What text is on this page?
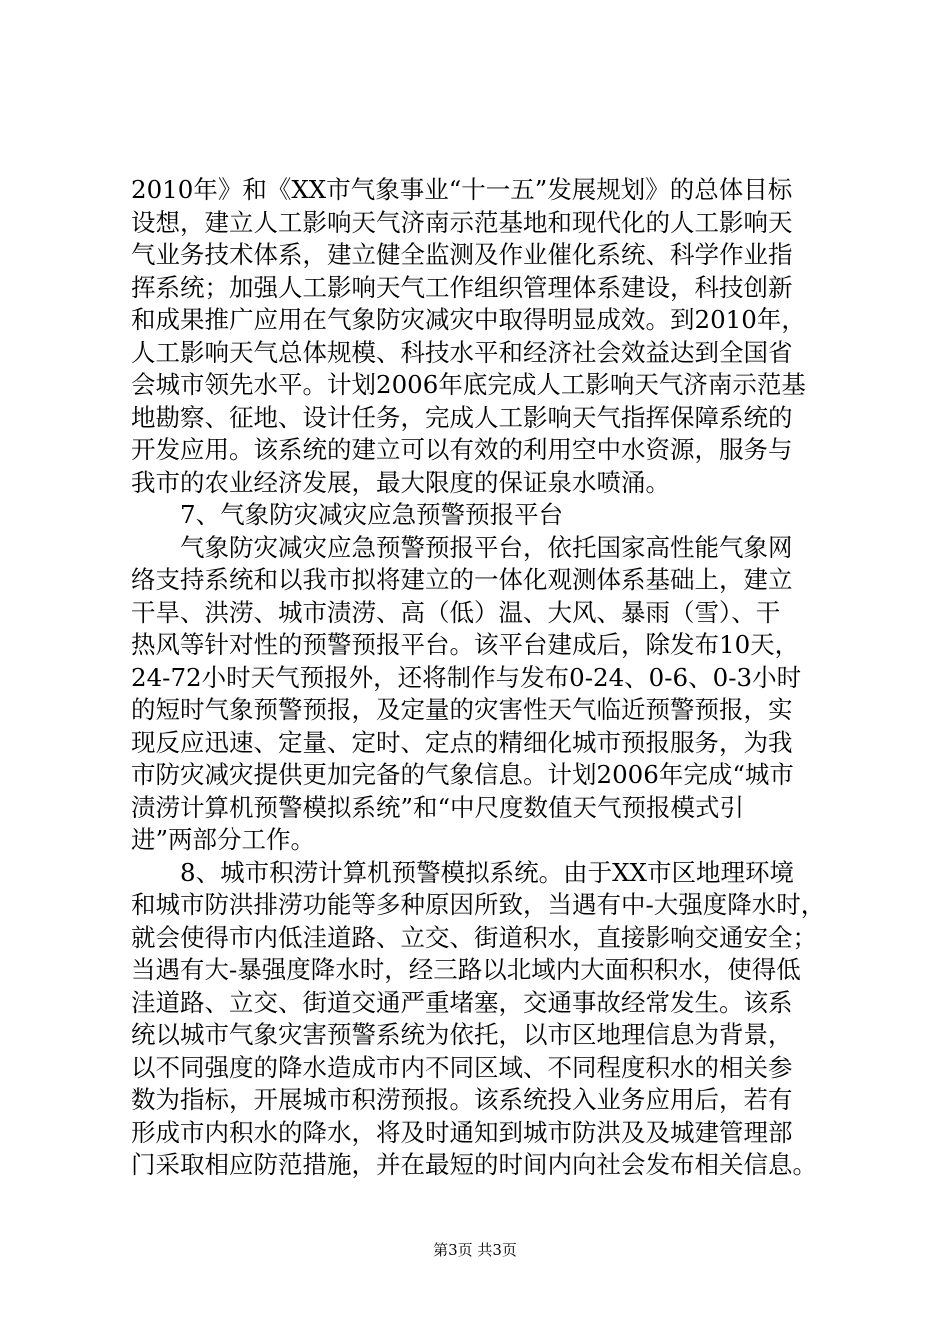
2010年》和《XX市气象事业“十一五”发展规划》的总体目标
设想，建立人工影响天气济南示范基地和现代化的人工影响天
气业务技术体系，建立健全监测及作业催化系统、科学作业指
挥系统；加强人工影响天气工作组织管理体系建设，科技创新
和成果推广应用在气象防灾减灾中取得明显成效。到2010年，
人工影响天气总体规模、科技水平和经济社会效益达到全国省
会城市领先水平。计划2006年底完成人工影响天气济南示范基
地勘察、征地、设计任务，完成人工影响天气指挥保障系统的
开发应用。该系统的建立可以有效的利用空中水资源，服务与
我市的农业经济发展，最大限度的保证泉水喷涌。
7、气象防灾减灾应急预警预报平台
气象防灾减灾应急预警预报平台，依托国家高性能气象网
络支持系统和以我市拟将建立的一体化观测体系基础上，建立
干旱、洪涝、城市渍涝、高（低）温、大风、暴雨（雪）、干
热风等针对性的预警预报平台。该平台建成后，除发布10天，
24-72小时天气预报外，还将制作与发布0-24、0-6、0-3小时
的短时气象预警预报，及定量的灾害性天气临近预警预报，实
现反应迅速、定量、定时、定点的精细化城市预报服务，为我
市防灾减灾提供更加完备的气象信息。计划2006年完成“城市
渍涝计算机预警模拟系统”和“中尺度数值天气预报模式引
进”两部分工作。
8、城市积涝计算机预警模拟系统。由于XX市区地理环境
和城市防洪排涝功能等多种原因所致，当遇有中-大强度降水时，
就会使得市内低洼道路、立交、街道积水，直接影响交通安全；
当遇有大-暴强度降水时，经三路以北域内大面积积水，使得低
洼道路、立交、街道交通严重堵塞，交通事故经常发生。该系
统以城市气象灾害预警系统为依托，以市区地理信息为背景，
以不同强度的降水造成市内不同区域、不同程度积水的相关参
数为指标，开展城市积涝预报。该系统投入业务应用后，若有
形成市内积水的降水，将及时通知到城市防洪及及城建管理部
门采取相应防范措施，并在最短的时间内向社会发布相关信息。
第3页 共3页
